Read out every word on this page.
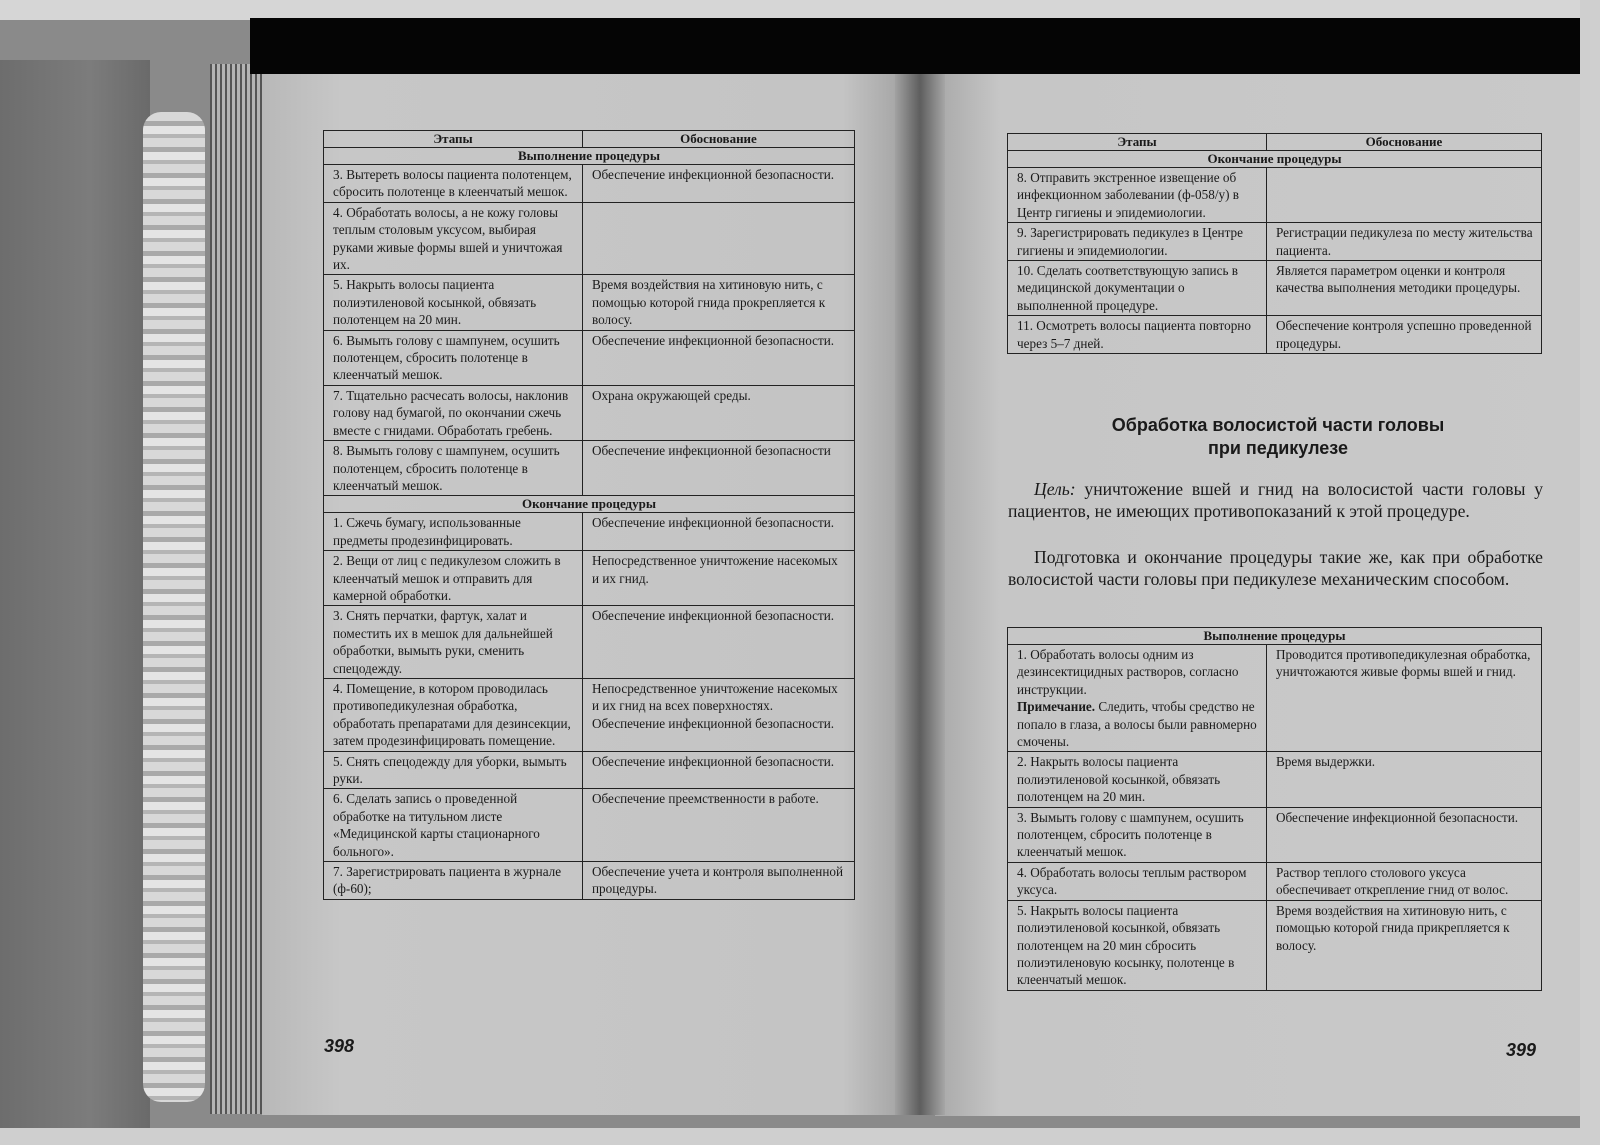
Этапы	Обоснование
Выполнение процедуры	
3. Вытереть волосы пациента полотенцем, сбросить полотенце в клеенчатый мешок.	Обеспечение инфекционной безопасности.
4. Обработать волосы, а не кожу головы теплым столовым уксусом, выбирая руками живые формы вшей и уничтожая их.	
5. Накрыть волосы пациента полиэтиленовой косынкой, обвязать полотенцем на 20 мин.	Время воздействия на хитиновую нить, с помощью которой гнида прокрепляется к волосу.
6. Вымыть голову с шампунем, осушить полотенцем, сбросить полотенце в клеенчатый мешок.	Обеспечение инфекционной безопасности.
7. Тщательно расчесать волосы, наклонив голову над бумагой, по окончании сжечь вместе с гнидами. Обработать гребень.	Охрана окружающей среды.
8. Вымыть голову с шампунем, осушить полотенцем, сбросить полотенце в клеенчатый мешок.	Обеспечение инфекционной безопасности
Окончание процедуры	
1. Сжечь бумагу, использованные предметы продезинфицировать.	Обеспечение инфекционной безопасности.
2. Вещи от лиц с педикулезом сложить в клеенчатый мешок и отправить для камерной обработки.	Непосредственное уничтожение насекомых и их гнид.
3. Снять перчатки, фартук, халат и поместить их в мешок для дальнейшей обработки, вымыть руки, сменить спецодежду.	Обеспечение инфекционной безопасности.
4. Помещение, в котором проводилась противопедикулезная обработка, обработать препаратами для дезинсекции, затем продезинфицировать помещение.	Непосредственное уничтожение насекомых и их гнид на всех поверхностях. Обеспечение инфекционной безопасности.
5. Снять спецодежду для уборки, вымыть руки.	Обеспечение инфекционной безопасности.
6. Сделать запись о проведенной обработке на титульном листе «Медицинской карты стационарного больного».	Обеспечение преемственности в работе.
7. Зарегистрировать пациента в журнале (ф-60);	Обеспечение учета и контроля выполненной процедуры.
398
Этапы	Обоснование
Окончание процедуры	
8. Отправить экстренное извещение об инфекционном заболевании (ф-058/у) в Центр гигиены и эпидемиологии.	
9. Зарегистрировать педикулез в Центре гигиены и эпидемиологии.	Регистрации педикулеза по месту жительства пациента.
10. Сделать соответствующую запись в медицинской документации о выполненной процедуре.	Является параметром оценки и контроля качества выполнения методики процедуры.
11. Осмотреть волосы пациента повторно через 5–7 дней.	Обеспечение контроля успешно проведенной процедуры.
Обработка волосистой части головы
при педикулезе
Цель: уничтожение вшей и гнид на волосистой части головы у пациентов, не имеющих противопоказаний к этой процедуре.
Подготовка и окончание процедуры такие же, как при обработке волосистой части головы при педикулезе механическим способом.
Выполнение процедуры	
1. Обработать волосы одним из дезинсектицидных растворов, согласно инструкции.
Примечание. Следить, чтобы средство не попало в глаза, а волосы были равномерно смочены.	Проводится противопедикулезная обработка, уничтожаются живые формы вшей и гнид.
2. Накрыть волосы пациента полиэтиленовой косынкой, обвязать полотенцем на 20 мин.	Время выдержки.
3. Вымыть голову с шампунем, осушить полотенцем, сбросить полотенце в клеенчатый мешок.	Обеспечение инфекционной безопасности.
4. Обработать волосы теплым раствором уксуса.	Раствор теплого столового уксуса обеспечивает открепление гнид от волос.
5. Накрыть волосы пациента полиэтиленовой косынкой, обвязать полотенцем на 20 мин сбросить полиэтиленовую косынку, полотенце в клеенчатый мешок.	Время воздействия на хитиновую нить, с помощью которой гнида прикрепляется к волосу.
399
